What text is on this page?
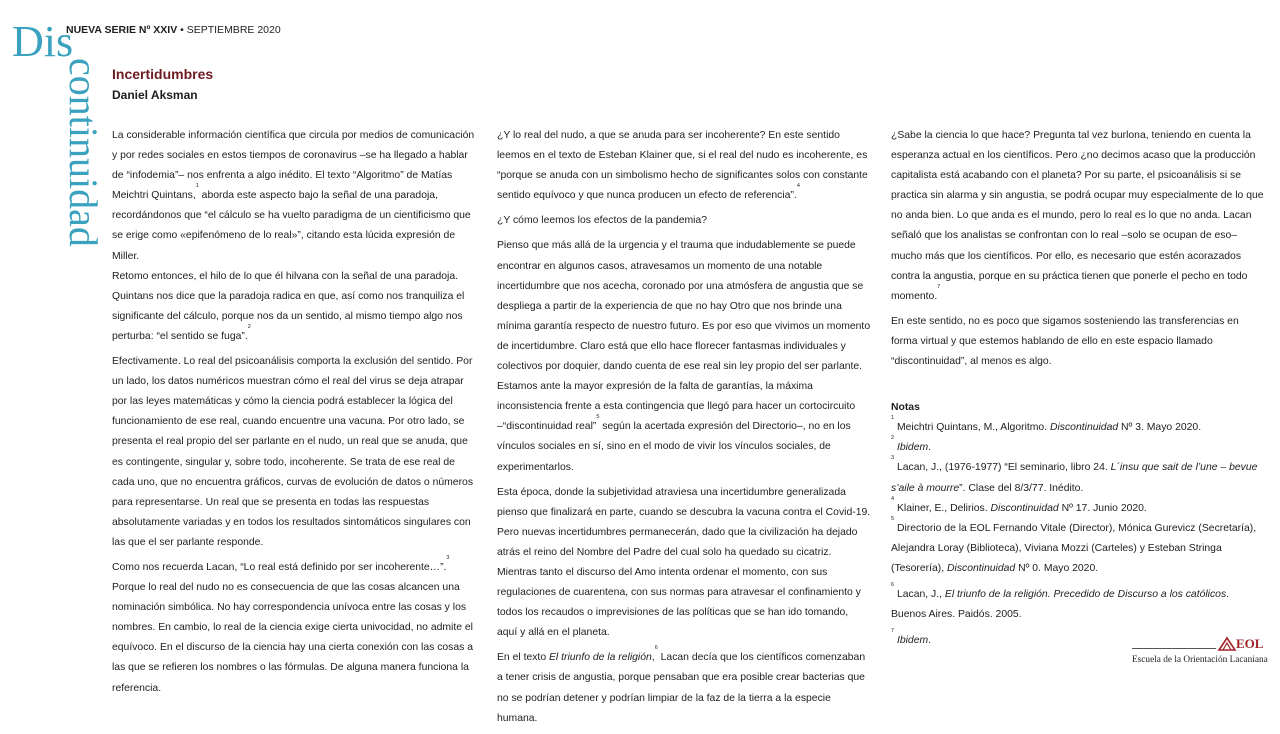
Dis
continuidad
NUEVA SERIE Nº XXIV • SEPTIEMBRE 2020
Incertidumbres
Daniel Aksman

La considerable información científica que circula por medios de comunicación y por redes sociales en estos tiempos de coronavirus –se ha llegado a hablar de “infodemia”– nos enfrenta a algo inédito. El texto “Algoritmo” de Matías Meichtri Quintans,$^1$ aborda este aspecto bajo la señal de una paradoja, recordándonos que “el cálculo se ha vuelto paradigma de un cientificismo que se erige como «epifenómeno de lo real»”, citando esta lúcida expresión de Miller.
Retomo entonces, el hilo de lo que él hilvana con la señal de una paradoja. Quintans nos dice que la paradoja radica en que, así como nos tranquiliza el significante del cálculo, porque nos da un sentido, al mismo tiempo algo nos perturba: “el sentido se fuga”.$^2$

Efectivamente. Lo real del psicoanálisis comporta la exclusión del sentido. Por un lado, los datos numéricos muestran cómo el real del virus se deja atrapar por las leyes matemáticas y cómo la ciencia podrá establecer la lógica del funcionamiento de ese real, cuando encuentre una vacuna. Por otro lado, se presenta el real propio del ser parlante en el nudo, un real que se anuda, que es contingente, singular y, sobre todo, incoherente. Se trata de ese real de cada uno, que no encuentra gráficos, curvas de evolución de datos o números para representarse. Un real que se presenta en todas las respuestas absolutamente variadas y en todos los resultados sintomáticos singulares con las que el ser parlante responde.

Como nos recuerda Lacan, “Lo real está definido por ser incoherente…”.$^3$ Porque lo real del nudo no es consecuencia de que las cosas alcancen una nominación simbólica. No hay correspondencia unívoca entre las cosas y los nombres. En cambio, lo real de la ciencia exige cierta univocidad, no admite el equívoco. En el discurso de la ciencia hay una cierta conexión con las cosas a las que se refieren los nombres o las fórmulas. De alguna manera funciona la referencia.

¿Y lo real del nudo, a que se anuda para ser incoherente? En este sentido leemos en el texto de Esteban Klainer que, si el real del nudo es incoherente, es “porque se anuda con un simbolismo hecho de significantes solos con constante sentido equívoco y que nunca producen un efecto de referencia”.$^4$

¿Y cómo leemos los efectos de la pandemia?

Pienso que más allá de la urgencia y el trauma que indudablemente se puede encontrar en algunos casos, atravesamos un momento de una notable incertidumbre que nos acecha, coronado por una atmósfera de angustia que se despliega a partir de la experiencia de que no hay Otro que nos brinde una mínima garantía respecto de nuestro futuro. Es por eso que vivimos un momento de incertidumbre. Claro está que ello hace florecer fantasmas individuales y colectivos por doquier, dando cuenta de ese real sin ley propio del ser parlante. Estamos ante la mayor expresión de la falta de garantías, la máxima inconsistencia frente a esta contingencia que llegó para hacer un cortocircuito –“discontinuidad real”$^5$ según la acertada expresión del Directorio–, no en los vínculos sociales en sí, sino en el modo de vivir los vínculos sociales, de experimentarlos.

Esta época, donde la subjetividad atraviesa una incertidumbre generalizada pienso que finalizará en parte, cuando se descubra la vacuna contra el Covid-19. Pero nuevas incertidumbres permanecerán, dado que la civilización ha dejado atrás el reino del Nombre del Padre del cual solo ha quedado su cicatriz. Mientras tanto el discurso del Amo intenta ordenar el momento, con sus regulaciones de cuarentena, con sus normas para atravesar el confinamiento y todos los recaudos o imprevisiones de las políticas que se han ido tomando, aquí y allá en el planeta.

En el texto El triunfo de la religión,$^6$ Lacan decía que los científicos comenzaban a tener crisis de angustia, porque pensaban que era posible crear bacterias que no se podrían detener y podrían limpiar de la faz de la tierra a la especie humana.

¿Sabe la ciencia lo que hace? Pregunta tal vez burlona, teniendo en cuenta la esperanza actual en los científicos. Pero ¿no decimos acaso que la producción capitalista está acabando con el planeta? Por su parte, el psicoanálisis si se practica sin alarma y sin angustia, se podrá ocupar muy especialmente de lo que no anda bien. Lo que anda es el mundo, pero lo real es lo que no anda. Lacan señaló que los analistas se confrontan con lo real –solo se ocupan de eso– mucho más que los científicos. Por ello, es necesario que estén acorazados contra la angustia, porque en su práctica tienen que ponerle el pecho en todo momento.$^7$

En este sentido, no es poco que sigamos sosteniendo las transferencias en forma virtual y que estemos hablando de ello en este espacio llamado “discontinuidad”, al menos es algo.

Notas

$^1$ Meichtri Quintans, M., Algoritmo. Discontinuidad Nº 3. Mayo 2020.

$^2$ Ibidem.

$^3$ Lacan, J., (1976-1977) “El seminario, libro 24. L´insu que sait de l’une – bevue s’aile à mourre”. Clase del 8/3/77. Inédito.

$^4$ Klainer, E., Delirios. Discontinuidad Nº 17. Junio 2020.

$^5$ Directorio de la EOL Fernando Vitale (Director), Mónica Gurevicz (Secretaría), Alejandra Loray (Biblioteca), Viviana Mozzi (Carteles) y Esteban Stringa (Tesorería), Discontinuidad Nº 0. Mayo 2020.

$^6$ Lacan, J., El triunfo de la religión. Precedido de Discurso a los católicos. Buenos Aires. Paidós. 2005.

$^7$ Ibidem.	EOL
Escuela de la Orientación Lacaniana
